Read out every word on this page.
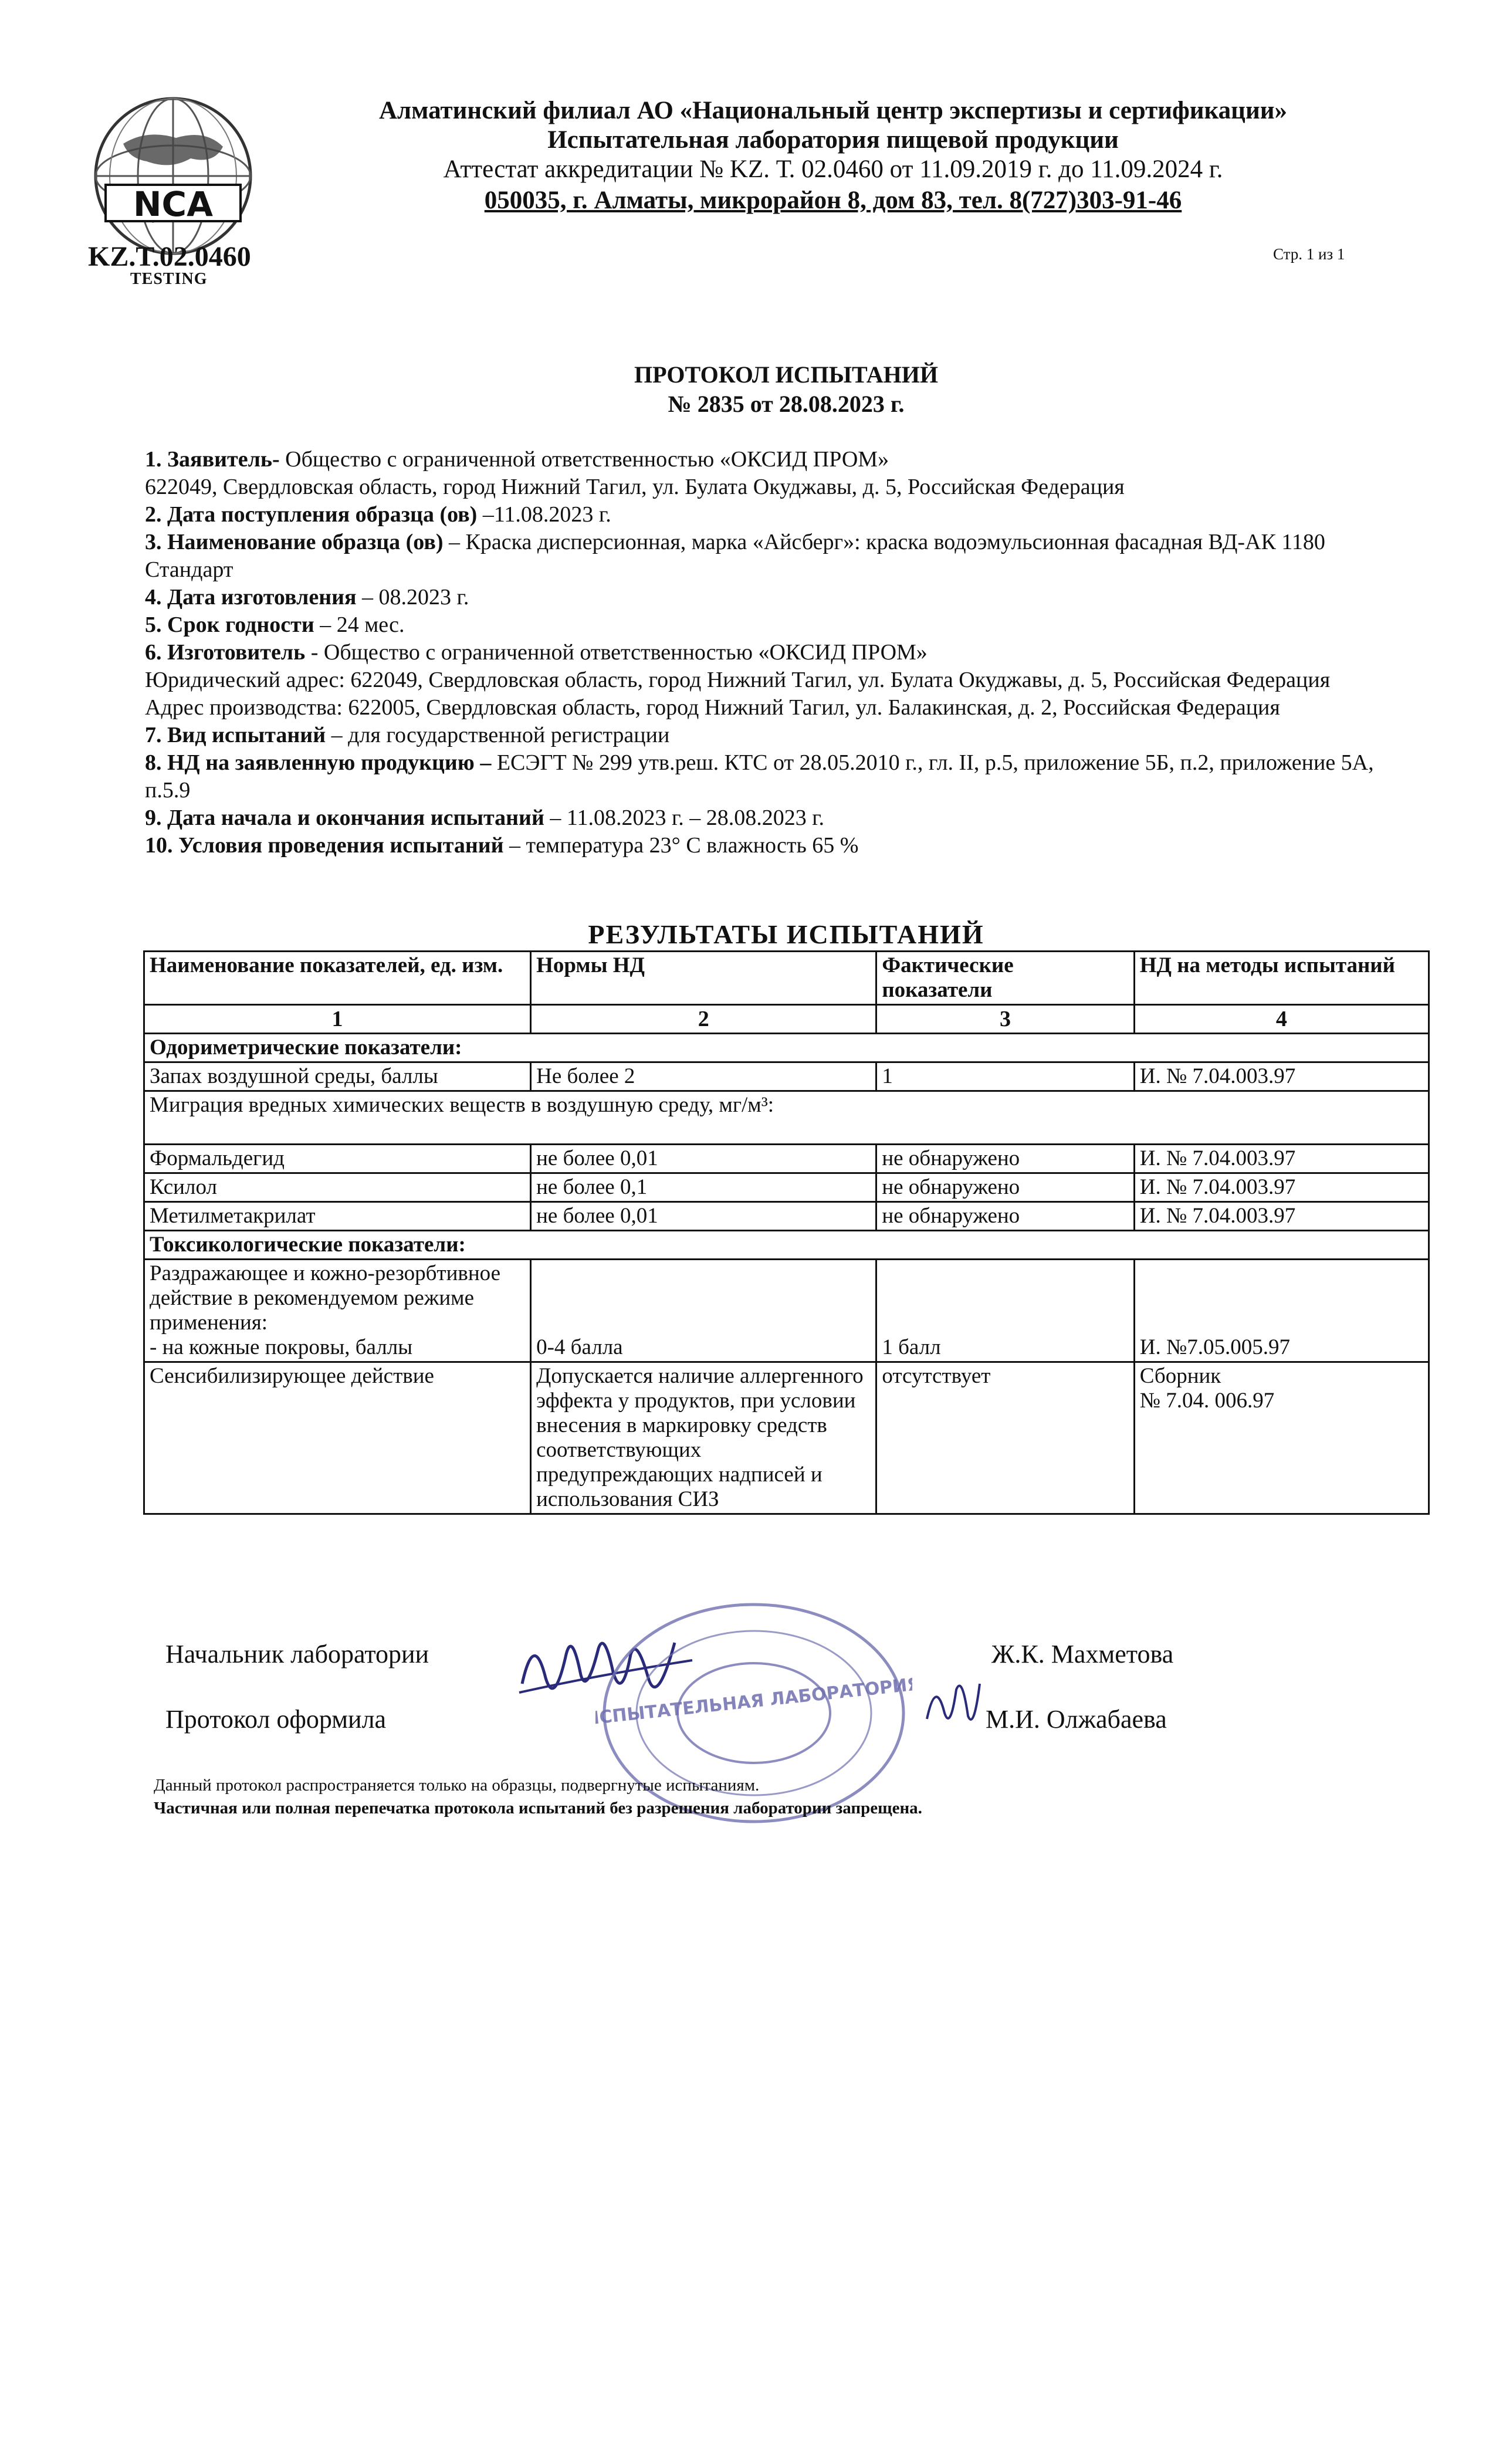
NCA
Алматинский филиал АО «Национальный центр экспертизы и сертификации»
Испытательная лаборатория пищевой продукции
Аттестат аккредитации № KZ. Т. 02.0460 от 11.09.2019 г. до 11.09.2024 г.
050035, г. Алматы, микрорайон 8, дом 83, тел. 8(727)303-91-46
KZ.T.02.0460
TESTING
Стр. 1 из 1
ПРОТОКОЛ ИСПЫТАНИЙ
№ 2835 от 28.08.2023 г.

1. Заявитель- Общество с ограниченной ответственностью «ОКСИД ПРОМ»

622049, Свердловская область, город Нижний Тагил, ул. Булата Окуджавы, д. 5, Российская Федерация

2. Дата поступления образца (ов) –11.08.2023 г.

3. Наименование образца (ов) – Краска дисперсионная, марка «Айсберг»: краска водоэмульсионная фасадная ВД-АК 1180 Стандарт

4. Дата изготовления – 08.2023 г.

5. Срок годности – 24 мес.

6. Изготовитель - Общество с ограниченной ответственностью «ОКСИД ПРОМ»

Юридический адрес: 622049, Свердловская область, город Нижний Тагил, ул. Булата Окуджавы, д. 5, Российская Федерация

Адрес производства: 622005, Свердловская область, город Нижний Тагил, ул. Балакинская, д. 2, Российская Федерация

7. Вид испытаний – для государственной регистрации

8. НД на заявленную продукцию – ЕСЭГТ № 299 утв.реш. КТС от 28.05.2010 г., гл. II, р.5, приложение 5Б, п.2, приложение 5А, п.5.9

9. Дата начала и окончания испытаний – 11.08.2023 г. – 28.08.2023 г.

10. Условия проведения испытаний – температура 23° С влажность 65 %

РЕЗУЛЬТАТЫ ИСПЫТАНИЙ
Наименование показателей, ед. изм.	Нормы НД	Фактические показатели	НД на методы испытаний
1	2	3	4
Одориметрические показатели:			
Запах воздушной среды, баллы	Не более 2	1	И. № 7.04.003.97
Миграция вредных химических веществ в воздушную среду, мг/м³:			
Формальдегид	не более 0,01	не обнаружено	И. № 7.04.003.97
Ксилол	не более 0,1	не обнаружено	И. № 7.04.003.97
Метилметакрилат	не более 0,01	не обнаружено	И. № 7.04.003.97
Токсикологические показатели:			

Раздражающее и кожно-резорбтивное действие в рекомендуемом режиме применения:
- на кожные покровы, баллы	0-4 балла	1 балл	И. №7.05.005.97
Сенсибилизирующее действие	Допускается наличие аллергенного эффекта у продуктов, при условии внесения в маркировку средств соответствующих предупреждающих надписей и использования СИЗ	отсутствует	Сборник
№ 7.04. 006.97
Начальник лаборатории	Ж.К. Махметова
Протокол оформила	М.И. Олжабаева
ИСПЫТАТЕЛЬНАЯ ЛАБОРАТОРИЯ
Данный протокол распространяется только на образцы, подвергнутые испытаниям.
Частичная или полная перепечатка протокола испытаний без разрешения лаборатории запрещена.
